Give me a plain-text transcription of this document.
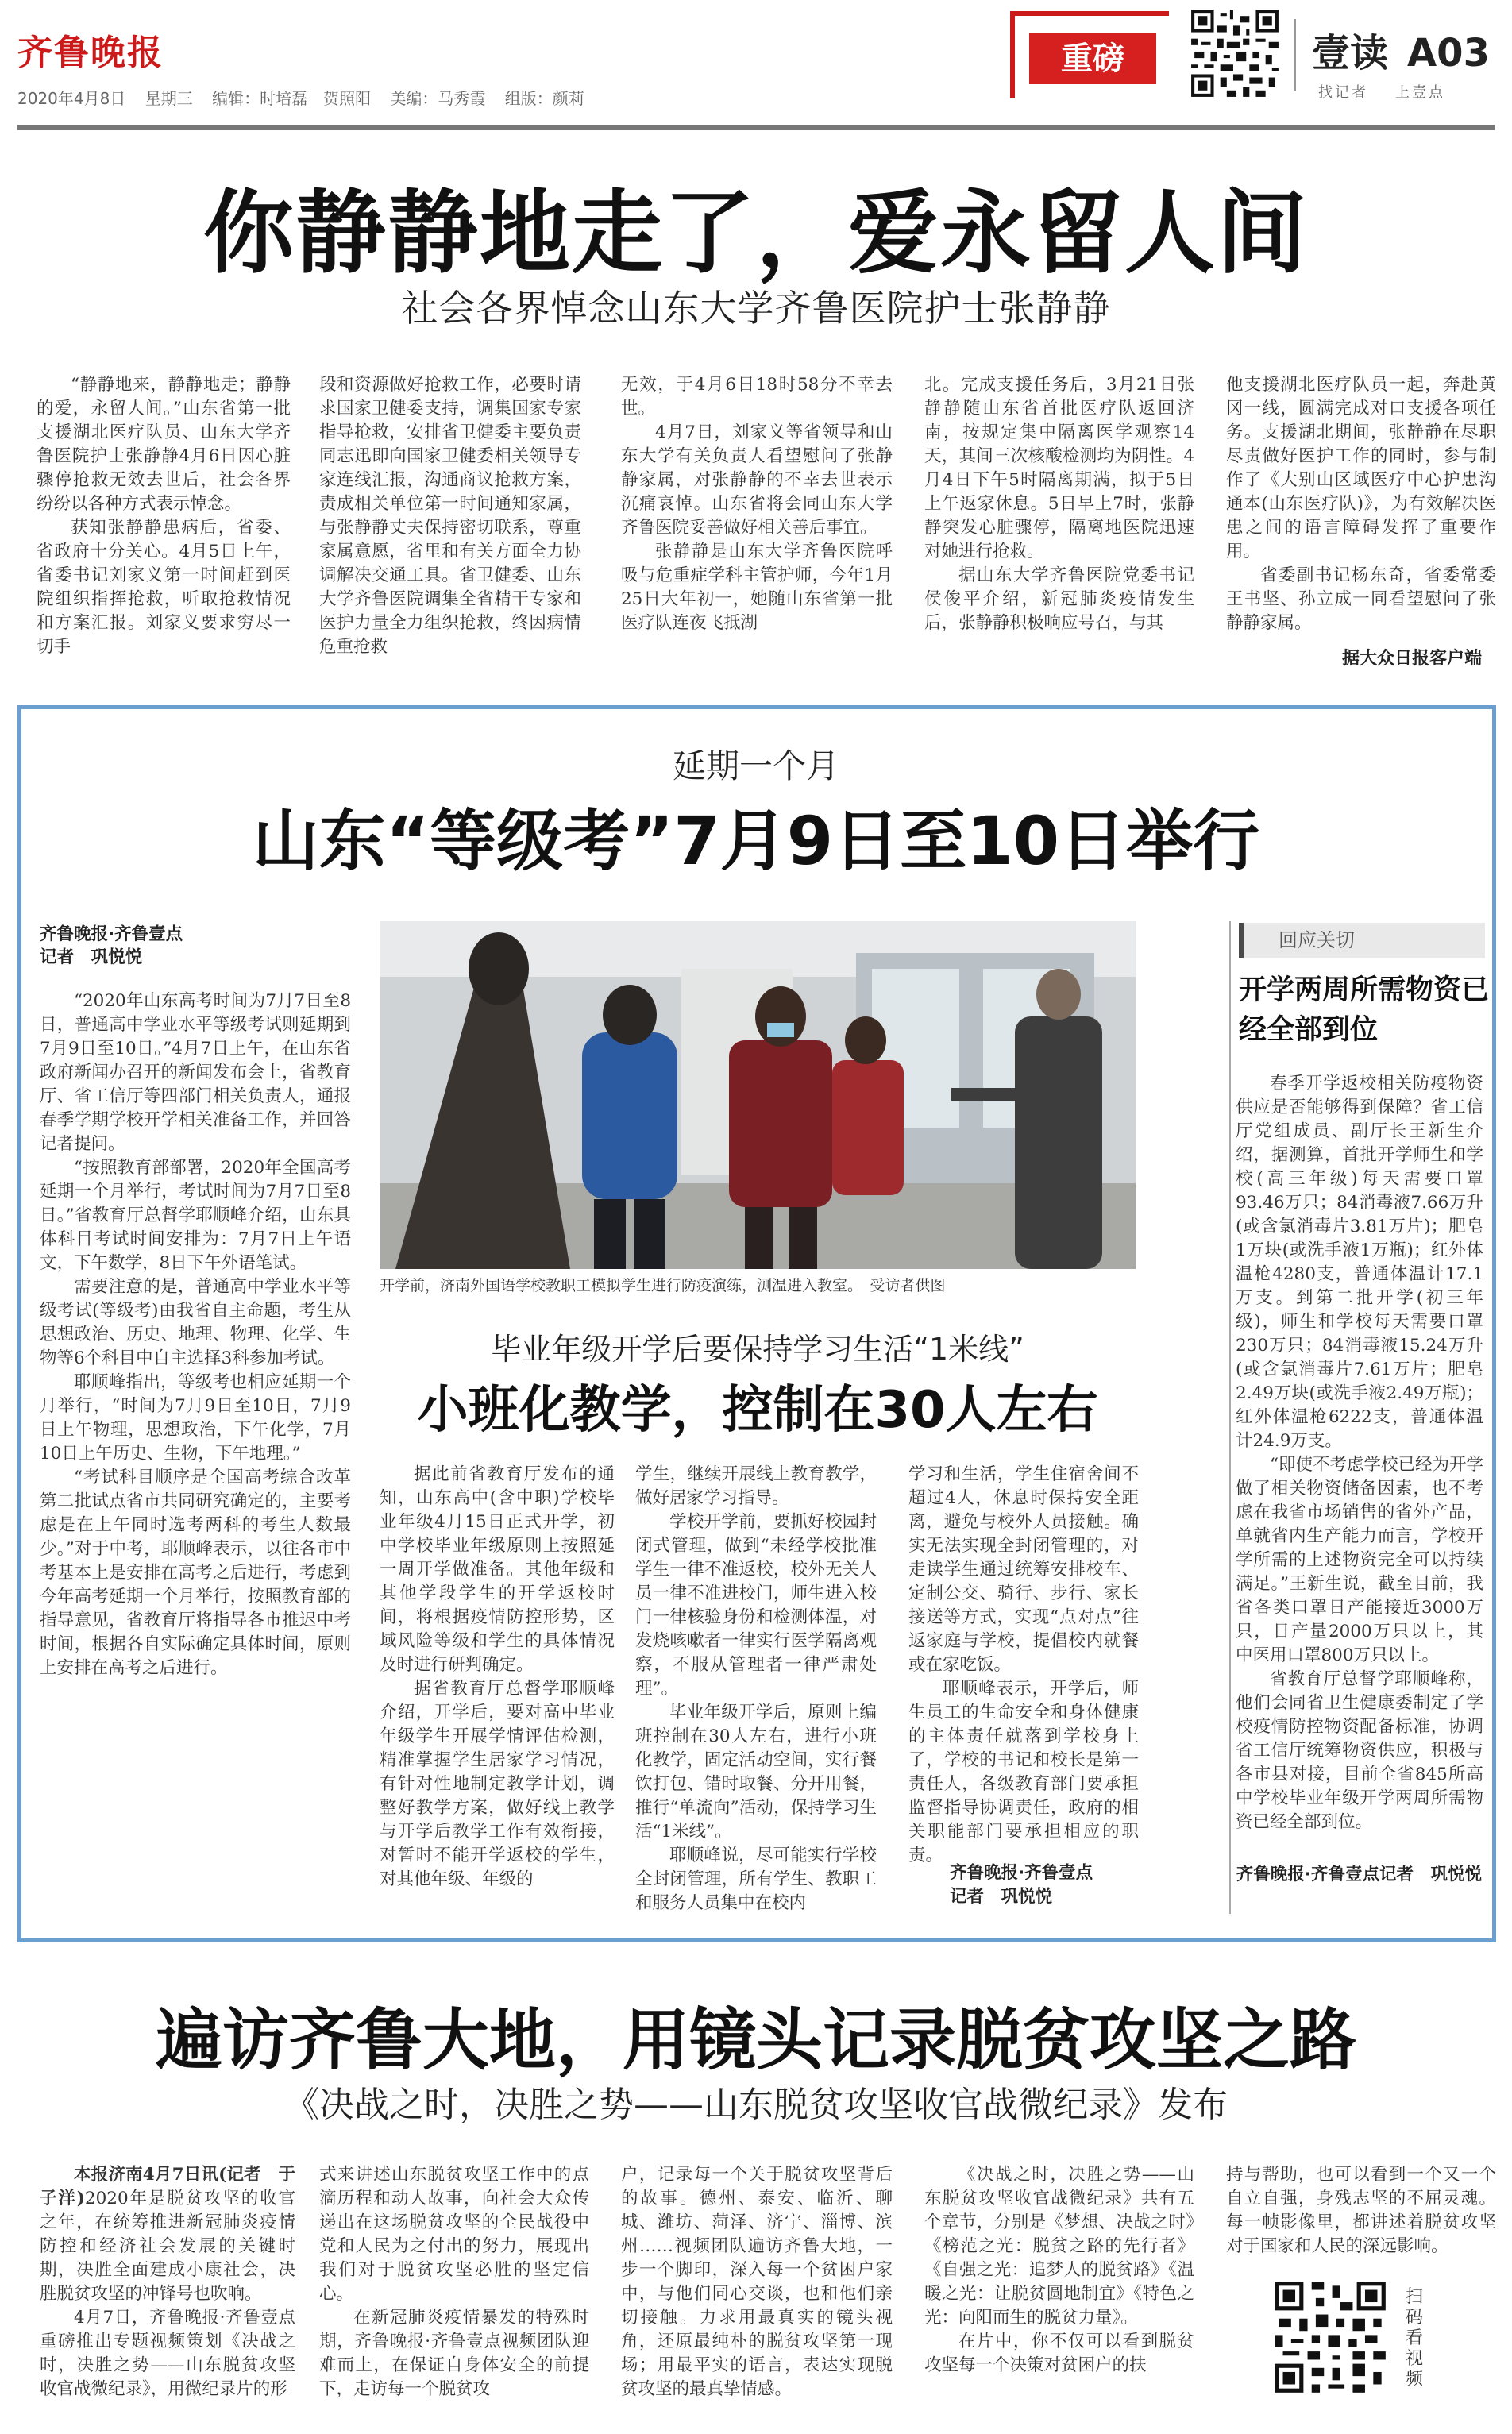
齐鲁晚报
2020年4月8日 星期三 编辑：时培磊　贺照阳 美编：马秀霞 组版：颜莉
重磅	壹读 A03
找记者 上壹点
你静静地走了，爱永留人间
社会各界悼念山东大学齐鲁医院护士张静静

“静静地来，静静地走；静静的爱，永留人间。”山东省第一批支援湖北医疗队员、山东大学齐鲁医院护士张静静4月6日因心脏骤停抢救无效去世后，社会各界纷纷以各种方式表示悼念。

获知张静静患病后，省委、省政府十分关心。4月5日上午，省委书记刘家义第一时间赶到医院组织指挥抢救，听取抢救情况和方案汇报。刘家义要求穷尽一切手

段和资源做好抢救工作，必要时请求国家卫健委支持，调集国家专家指导抢救，安排省卫健委主要负责同志迅即向国家卫健委相关领导专家连线汇报，沟通商议抢救方案，责成相关单位第一时间通知家属，与张静静丈夫保持密切联系，尊重家属意愿，省里和有关方面全力协调解决交通工具。省卫健委、山东大学齐鲁医院调集全省精干专家和医护力量全力组织抢救，终因病情危重抢救

无效，于4月6日18时58分不幸去世。

4月7日，刘家义等省领导和山东大学有关负责人看望慰问了张静静家属，对张静静的不幸去世表示沉痛哀悼。山东省将会同山东大学齐鲁医院妥善做好相关善后事宜。

张静静是山东大学齐鲁医院呼吸与危重症学科主管护师，今年1月25日大年初一，她随山东省第一批医疗队连夜飞抵湖

北。完成支援任务后，3月21日张静静随山东省首批医疗队返回济南，按规定集中隔离医学观察14天，其间三次核酸检测均为阴性。4月4日下午5时隔离期满，拟于5日上午返家休息。5日早上7时，张静静突发心脏骤停，隔离地医院迅速对她进行抢救。

据山东大学齐鲁医院党委书记侯俊平介绍，新冠肺炎疫情发生后，张静静积极响应号召，与其

他支援湖北医疗队员一起，奔赴黄冈一线，圆满完成对口支援各项任务。支援湖北期间，张静静在尽职尽责做好医护工作的同时，参与制作了《大别山区域医疗中心护患沟通本(山东医疗队)》，为有效解决医患之间的语言障碍发挥了重要作用。

省委副书记杨东奇，省委常委王书坚、孙立成一同看望慰问了张静静家属。

据大众日报客户端
延期一个月
山东“等级考”7月9日至10日举行
齐鲁晚报·齐鲁壹点
记者　巩悦悦

“2020年山东高考时间为7月7日至8日，普通高中学业水平等级考试则延期到7月9日至10日。”4月7日上午，在山东省政府新闻办召开的新闻发布会上，省教育厅、省工信厅等四部门相关负责人，通报春季学期学校开学相关准备工作，并回答记者提问。

“按照教育部部署，2020年全国高考延期一个月举行，考试时间为7月7日至8日。”省教育厅总督学耶顺峰介绍，山东具体科目考试时间安排为：7月7日上午语文，下午数学，8日下午外语笔试。

需要注意的是，普通高中学业水平等级考试(等级考)由我省自主命题，考生从思想政治、历史、地理、物理、化学、生物等6个科目中自主选择3科参加考试。

耶顺峰指出，等级考也相应延期一个月举行，“时间为7月9日至10日，7月9日上午物理，思想政治，下午化学，7月10日上午历史、生物，下午地理。”

“考试科目顺序是全国高考综合改革第二批试点省市共同研究确定的，主要考虑是在上午同时选考两科的考生人数最少。”对于中考，耶顺峰表示，以往各市中考基本上是安排在高考之后进行，考虑到今年高考延期一个月举行，按照教育部的指导意见，省教育厅将指导各市推迟中考时间，根据各自实际确定具体时间，原则上安排在高考之后进行。

开学前，济南外国语学校教职工模拟学生进行防疫演练，测温进入教室。　受访者供图
毕业年级开学后要保持学习生活“1米线”
小班化教学，控制在30人左右

据此前省教育厅发布的通知，山东高中(含中职)学校毕业年级4月15日正式开学，初中学校毕业年级原则上按照延一周开学做准备。其他年级和其他学段学生的开学返校时间，将根据疫情防控形势，区域风险等级和学生的具体情况及时进行研判确定。

据省教育厅总督学耶顺峰介绍，开学后，要对高中毕业年级学生开展学情评估检测，精准掌握学生居家学习情况，有针对性地制定教学计划，调整好教学方案，做好线上教学与开学后教学工作有效衔接，对暂时不能开学返校的学生，对其他年级、年级的

学生，继续开展线上教育教学，做好居家学习指导。

学校开学前，要抓好校园封闭式管理，做到“未经学校批准学生一律不准返校，校外无关人员一律不准进校门，师生进入校门一律核验身份和检测体温，对发烧咳嗽者一律实行医学隔离观察，不服从管理者一律严肃处理”。

毕业年级开学后，原则上编班控制在30人左右，进行小班化教学，固定活动空间，实行餐饮打包、错时取餐、分开用餐，推行“单流向”活动，保持学习生活“1米线”。

耶顺峰说，尽可能实行学校全封闭管理，所有学生、教职工和服务人员集中在校内

学习和生活，学生住宿舍间不超过4人，休息时保持安全距离，避免与校外人员接触。确实无法实现全封闭管理的，对走读学生通过统筹安排校车、定制公交、骑行、步行、家长接送等方式，实现“点对点”往返家庭与学校，提倡校内就餐或在家吃饭。

耶顺峰表示，开学后，师生员工的生命安全和身体健康的主体责任就落到学校身上了，学校的书记和校长是第一责任人，各级教育部门要承担监督指导协调责任，政府的相关职能部门要承担相应的职责。

齐鲁晚报·齐鲁壹点
记者　巩悦悦
回应关切
开学两周所需物资已经全部到位

春季开学返校相关防疫物资供应是否能够得到保障？省工信厅党组成员、副厅长王新生介绍，据测算，首批开学师生和学校(高三年级)每天需要口罩93.46万只；84消毒液7.66万升(或含氯消毒片3.81万片)；肥皂1万块(或洗手液1万瓶)；红外体温枪4280支，普通体温计17.1万支。到第二批开学(初三年级)，师生和学校每天需要口罩230万只；84消毒液15.24万升(或含氯消毒片7.61万片；肥皂2.49万块(或洗手液2.49万瓶)；红外体温枪6222支，普通体温计24.9万支。

“即使不考虑学校已经为开学做了相关物资储备因素，也不考虑在我省市场销售的省外产品，单就省内生产能力而言，学校开学所需的上述物资完全可以持续满足。”王新生说，截至目前，我省各类口罩日产能接近3000万只，日产量2000万只以上，其中医用口罩800万只以上。

省教育厅总督学耶顺峰称，他们会同省卫生健康委制定了学校疫情防控物资配备标准，协调省工信厅统筹物资供应，积极与各市县对接，目前全省845所高中学校毕业年级开学两周所需物资已经全部到位。

齐鲁晚报·齐鲁壹点记者　巩悦悦
遍访齐鲁大地，用镜头记录脱贫攻坚之路
《决战之时，决胜之势——山东脱贫攻坚收官战微纪录》发布

本报济南4月7日讯(记者　于子洋)2020年是脱贫攻坚的收官之年，在统筹推进新冠肺炎疫情防控和经济社会发展的关键时期，决胜全面建成小康社会，决胜脱贫攻坚的冲锋号也吹响。

4月7日，齐鲁晚报·齐鲁壹点重磅推出专题视频策划《决战之时，决胜之势——山东脱贫攻坚收官战微纪录》，用微纪录片的形

式来讲述山东脱贫攻坚工作中的点滴历程和动人故事，向社会大众传递出在这场脱贫攻坚的全民战役中党和人民为之付出的努力，展现出我们对于脱贫攻坚必胜的坚定信心。

在新冠肺炎疫情暴发的特殊时期，齐鲁晚报·齐鲁壹点视频团队迎难而上，在保证自身体安全的前提下，走访每一个脱贫攻

户，记录每一个关于脱贫攻坚背后的故事。德州、泰安、临沂、聊城、潍坊、菏泽、济宁、淄博、滨州……视频团队遍访齐鲁大地，一步一个脚印，深入每一个贫困户家中，与他们同心交谈，也和他们亲切接触。力求用最真实的镜头视角，还原最纯朴的脱贫攻坚第一现场；用最平实的语言，表达实现脱贫攻坚的最真挚情感。

《决战之时，决胜之势——山东脱贫攻坚收官战微纪录》共有五个章节，分别是《梦想、决战之时》《榜范之光：脱贫之路的先行者》《自强之光：追梦人的脱贫路》《温暖之光：让脱贫圆地制宜》《特色之光：向阳而生的脱贫力量》。

在片中，你不仅可以看到脱贫攻坚每一个决策对贫困户的扶

持与帮助，也可以看到一个又一个自立自强，身残志坚的不屈灵魂。每一帧影像里，都讲述着脱贫攻坚对于国家和人民的深远影响。

扫码看视频
